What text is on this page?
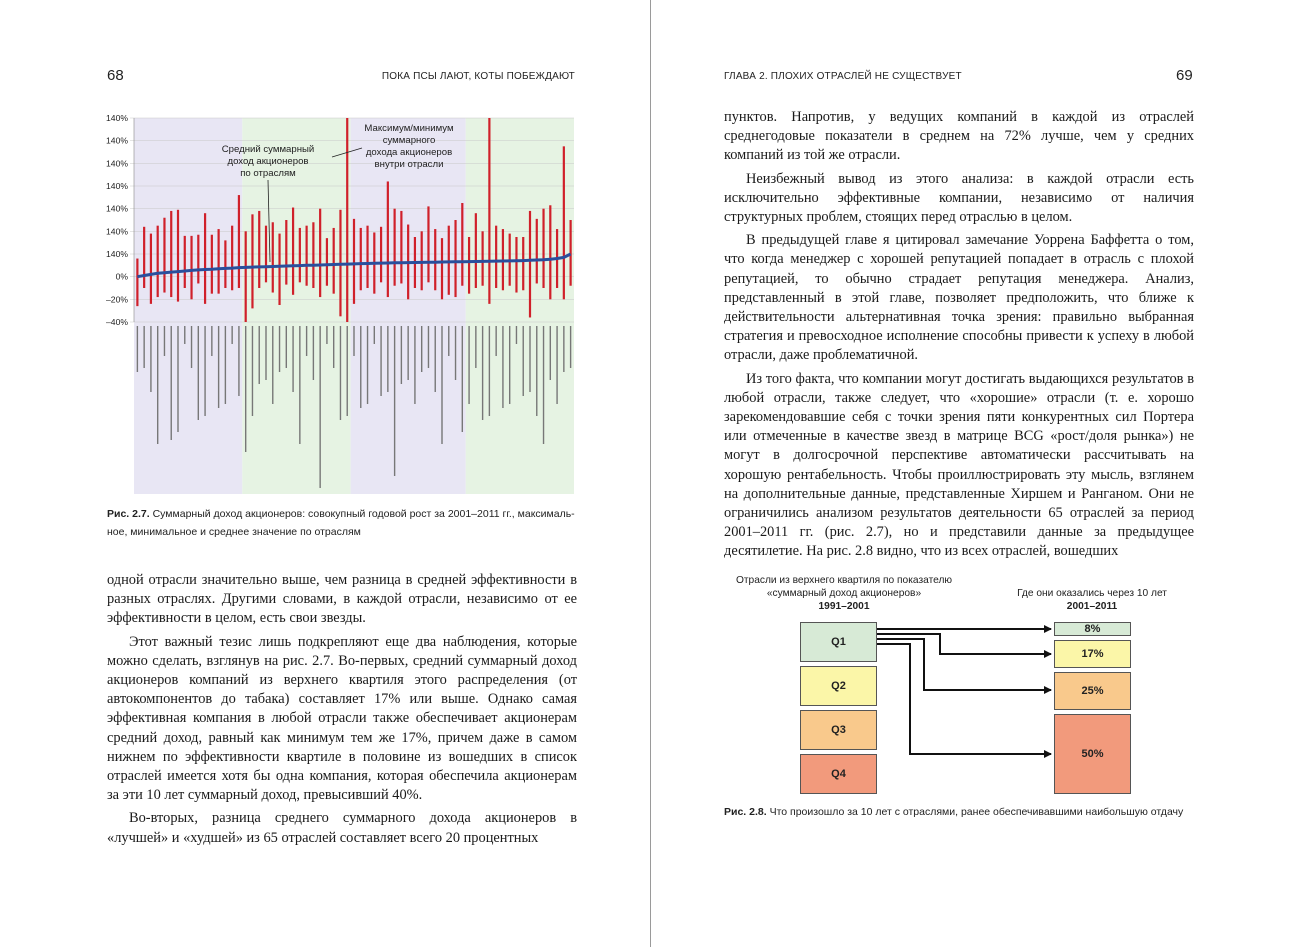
68	ПОКА ПСЫ ЛАЮТ, КОТЫ ПОБЕЖДАЮТ
140%
140%
140%
140%
140%
140%
140%
0%
–20%
–40%
Средний суммарный
доход акционеров
по отраслям
Максимум/минимум
суммарного
дохода акционеров
внутри отрасли
Рис. 2.7. Суммарный доход акционеров: совокупный годовой рост за 2001–2011 гг., максималь-
ное, минимальное и среднее значение по отраслям

одной отрасли значительно выше, чем разница в средней эффективности в разных отраслях. Другими словами, в каждой отрасли, независимо от ее эффективности в целом, есть свои звезды.

Этот важный тезис лишь подкрепляют еще два наблюдения, которые можно сделать, взглянув на рис. 2.7. Во-первых, средний суммарный доход акционеров компаний из верхнего квартиля этого распределения (от автокомпонентов до табака) составляет 17% или выше. Однако самая эффективная компания в любой отрасли также обеспечивает акционерам средний доход, равный как минимум тем же 17%, причем даже в самом нижнем по эффективности квартиле в половине из вошедших в список отраслей имеется хотя бы одна компания, которая обеспечила акционерам за эти 10 лет суммарный доход, превысивший 40%.

Во-вторых, разница среднего суммарного дохода акционеров в «лучшей» и «худшей» из 65 отраслей составляет всего 20 процентных

ГЛАВА 2. ПЛОХИХ ОТРАСЛЕЙ НЕ СУЩЕСТВУЕТ	69

пунктов. Напротив, у ведущих компаний в каждой из отраслей среднегодовые показатели в среднем на 72% лучше, чем у средних компаний из той же отрасли.

Неизбежный вывод из этого анализа: в каждой отрасли есть исключительно эффективные компании, независимо от наличия структурных проблем, стоящих перед отраслью в целом.

В предыдущей главе я цитировал замечание Уоррена Баффетта о том, что когда менеджер с хорошей репутацией попадает в отрасль с плохой репутацией, то обычно страдает репутация менеджера. Анализ, представленный в этой главе, позволяет предположить, что ближе к действительности альтернативная точка зрения: правильно выбранная стратегия и превосходное исполнение способны привести к успеху в любой отрасли, даже проблематичной.

Из того факта, что компании могут достигать выдающихся результатов в любой отрасли, также следует, что «хорошие» отрасли (т. е. хорошо зарекомендовавшие себя с точки зрения пяти конкурентных сил Портера или отмеченные в качестве звезд в матрице BCG «рост/доля рынка») не могут в долгосрочной перспективе автоматически рассчитывать на хорошую рентабельность. Чтобы проиллюстрировать эту мысль, взглянем на дополнительные данные, представленные Хиршем и Ранганом. Они не ограничились анализом результатов деятельности 65 отраслей за период 2001–2011 гг. (рис. 2.7), но и представили данные за предыдущее десятилетие. На рис. 2.8 видно, что из всех отраслей, вошедших

Отрасли из верхнего квартиля по показателю
«суммарный доход акционеров»
1991–2001
Где они оказались через 10 лет
2001–2011
Q1
Q2
Q3
Q4
8%
17%
25%
50%
Рис. 2.8. Что произошло за 10 лет с отраслями, ранее обеспечивавшими наибольшую отдачу
